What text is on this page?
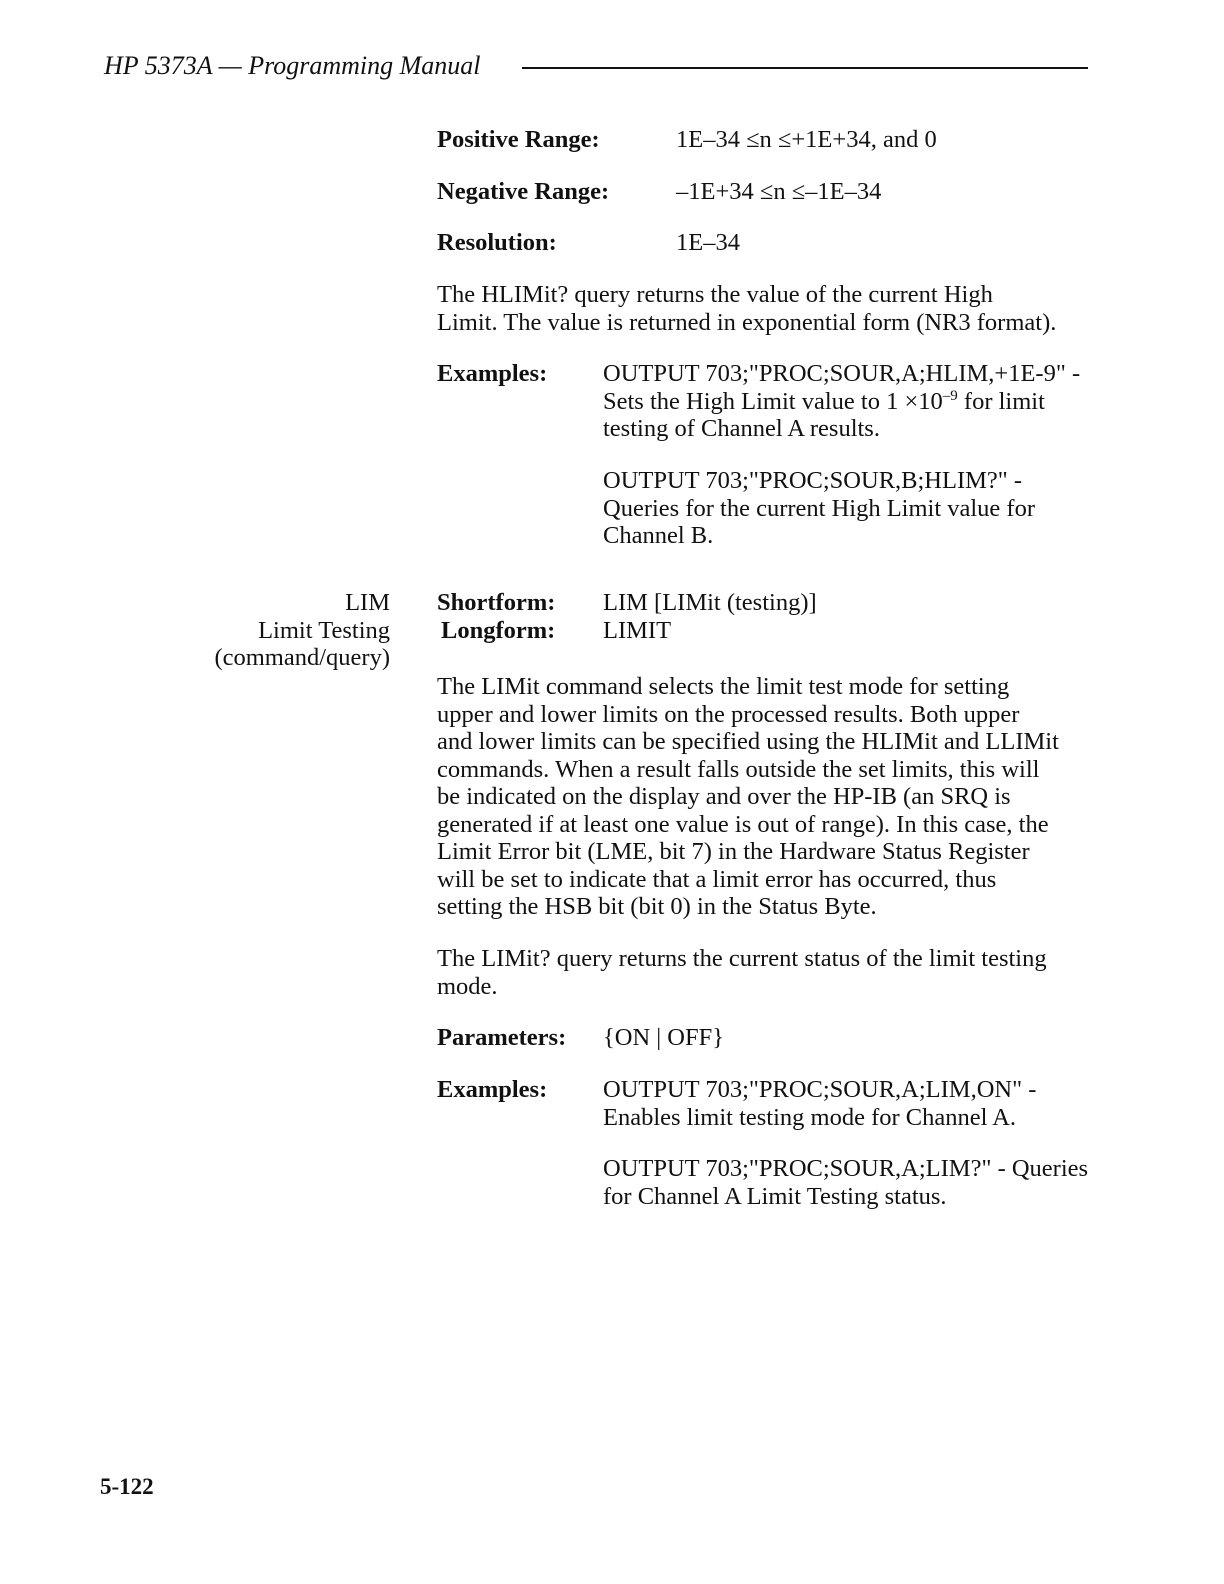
HP 5373A — Programming Manual
Positive Range:	1E–34 ≤n ≤+1E+34, and 0
Negative Range:	–1E+34 ≤n ≤–1E–34
Resolution:	1E–34
The HLIMit? query returns the value of the current High
Limit. The value is returned in exponential form (NR3 format).
Examples: OUTPUT 703;"PROC;SOUR,A;HLIM,+1E-9" -
Sets the High Limit value to $1 \times 10^{-9}$ for limit
testing of Channel A results.
OUTPUT 703;"PROC;SOUR,B;HLIM?" -
Queries for the current High Limit value for
Channel B.
LIM
Limit Testing
(command/query)
Shortform: LIM [LIMit (testing)]
Longform: LIMIT
The LIMit command selects the limit test mode for setting
upper and lower limits on the processed results. Both upper
and lower limits can be specified using the HLIMit and LLIMit
commands. When a result falls outside the set limits, this will
be indicated on the display and over the HP-IB (an SRQ is
generated if at least one value is out of range). In this case, the
Limit Error bit (LME, bit 7) in the Hardware Status Register
will be set to indicate that a limit error has occurred, thus
setting the HSB bit (bit 0) in the Status Byte.
The LIMit? query returns the current status of the limit testing
mode.
Parameters: {ON | OFF}
Examples: OUTPUT 703;"PROC;SOUR,A;LIM,ON" -
Enables limit testing mode for Channel A.
OUTPUT 703;"PROC;SOUR,A;LIM?" - Queries
for Channel A Limit Testing status.
5-122
